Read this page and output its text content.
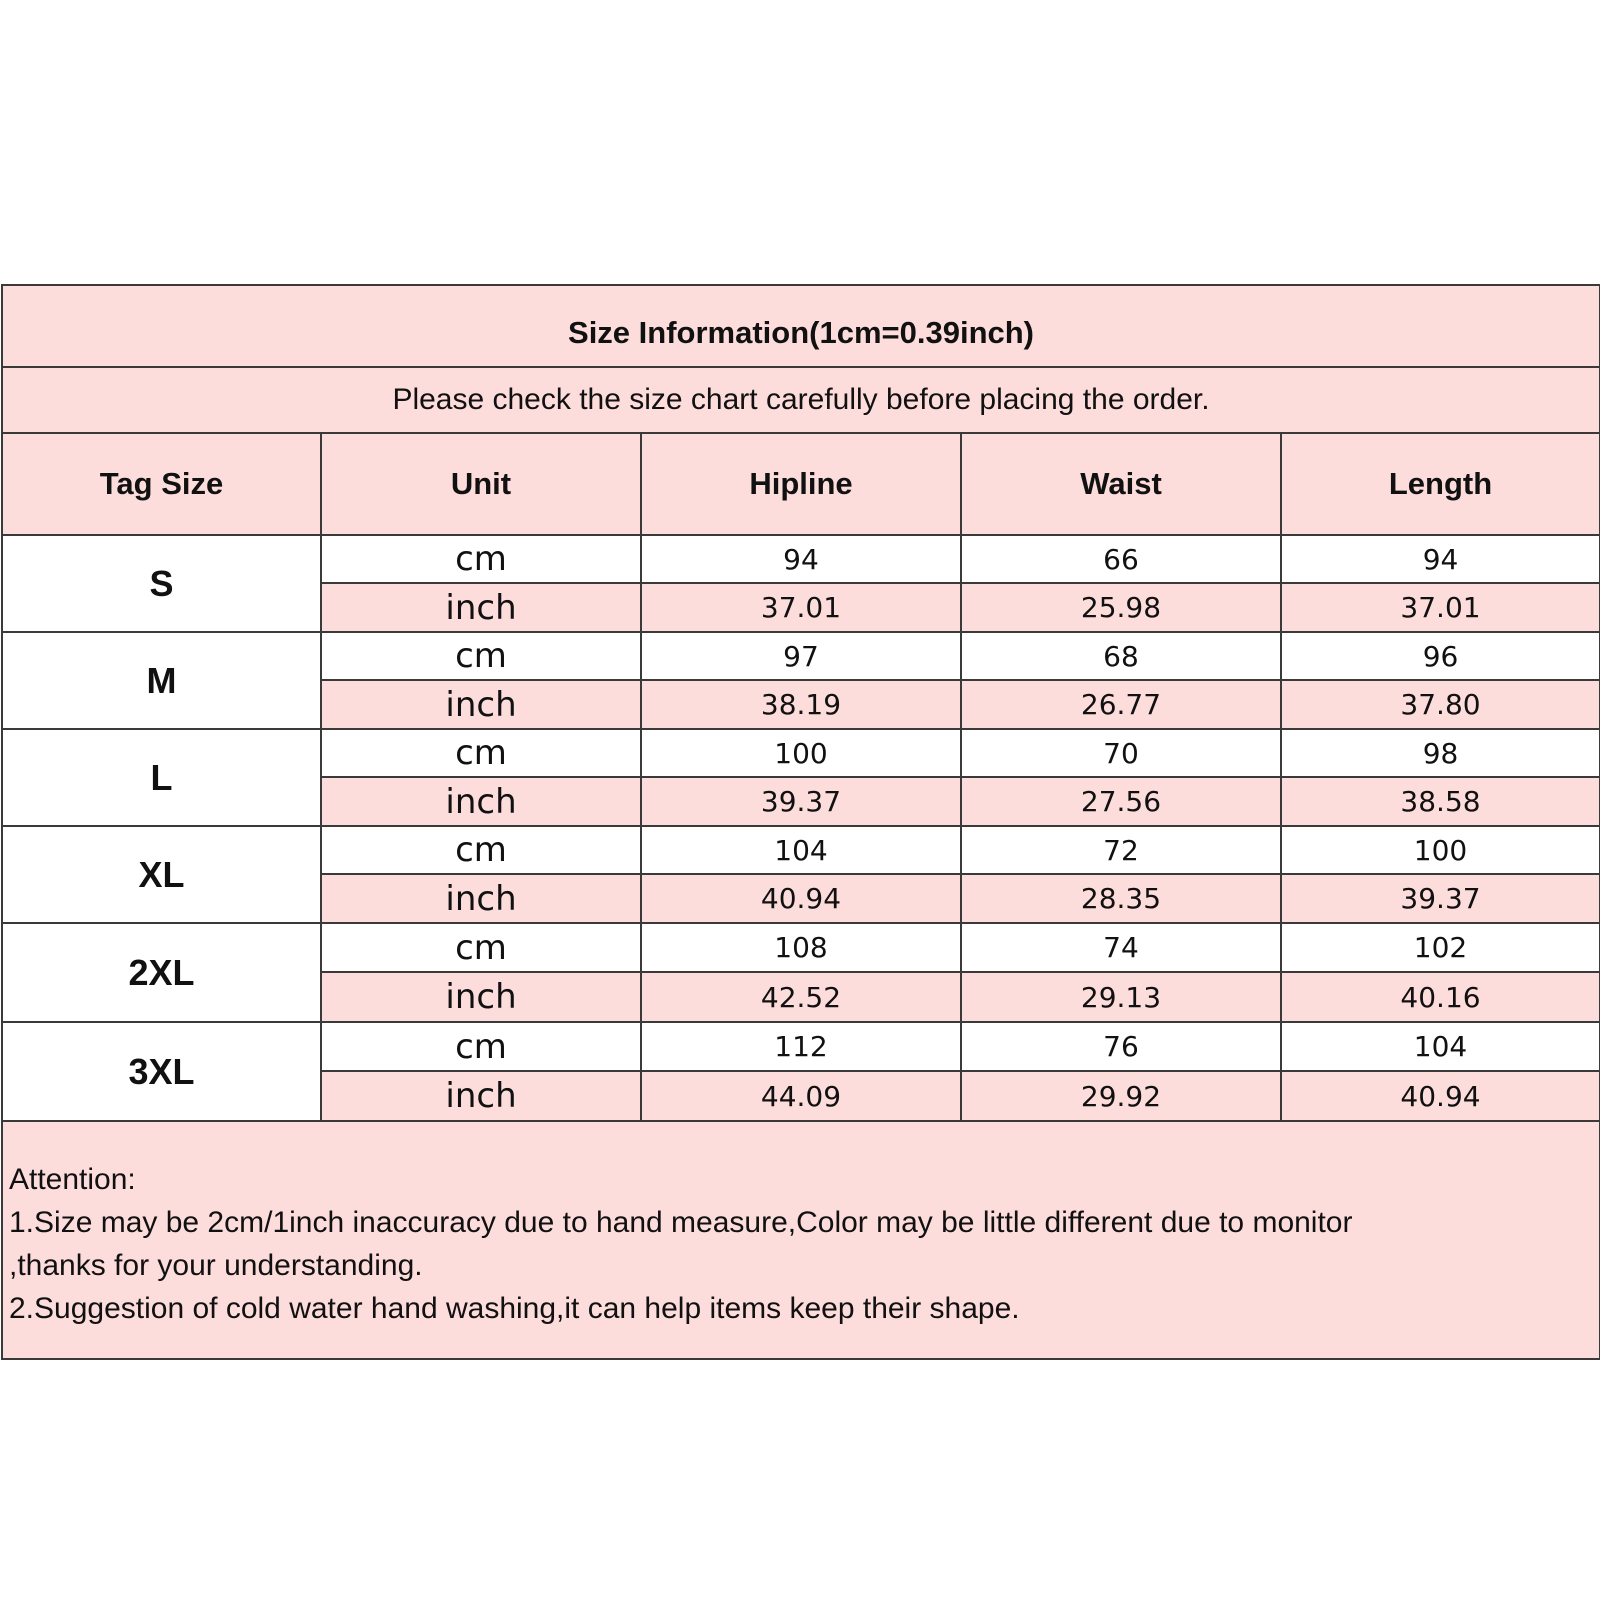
Size Information(1cm=0.39inch)				
Please check the size chart carefully before placing the order.				
Tag Size	Unit	Hipline	Waist	Length
S	cm	94	66	94
	inch	37.01	25.98	37.01
M	cm	97	68	96
	inch	38.19	26.77	37.80
L	cm	100	70	98
	inch	39.37	27.56	38.58
XL	cm	104	72	100
	inch	40.94	28.35	39.37
2XL	cm	108	74	102
	inch	42.52	29.13	40.16
3XL	cm	112	76	104
	inch	44.09	29.92	40.94

Attention:
1.Size may be 2cm/1inch inaccuracy due to hand measure,Color may be little different due to monitor
,thanks for your understanding.
2.Suggestion of cold water hand washing,it can help items keep their shape.				
